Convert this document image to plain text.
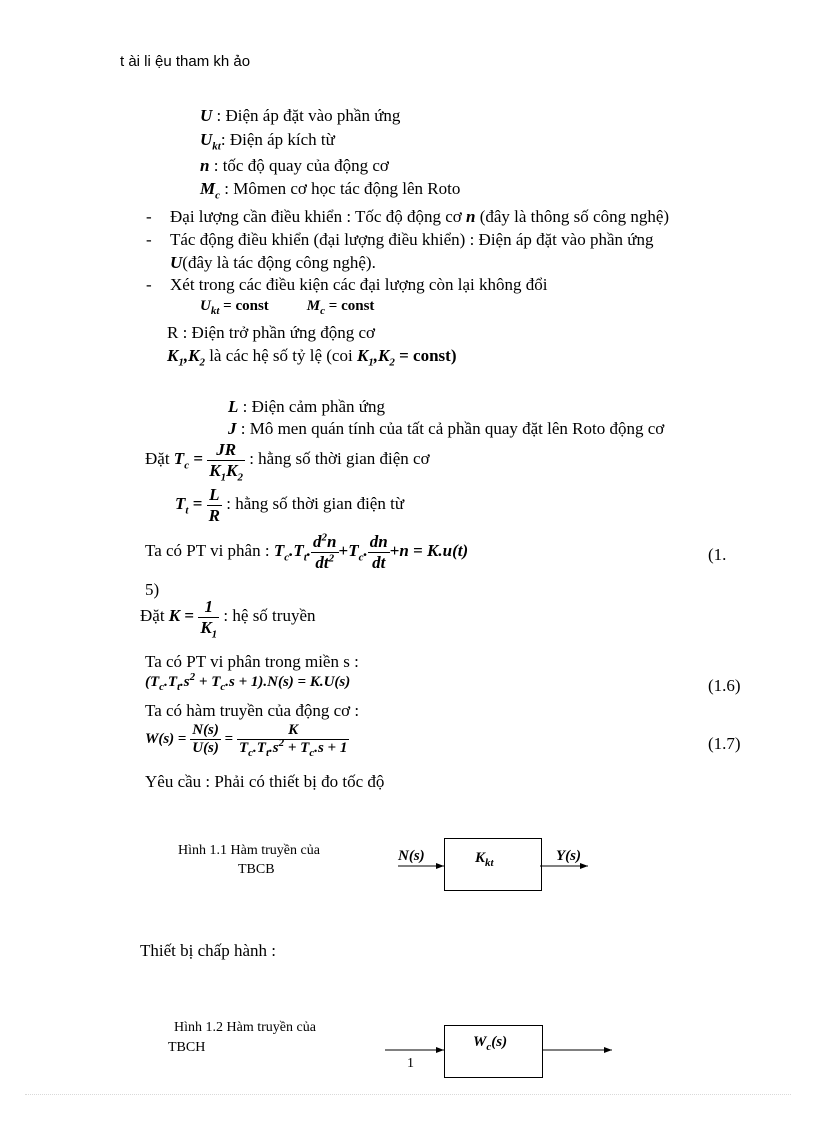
t ài li ệu tham kh ảo
U : Điện áp đặt vào phần ứng
$U_{kt}$: Điện áp kích từ
n : tốc độ quay của động cơ
$M_c$ : Mômen cơ học tác động lên Roto
- Đại lượng cần điều khiển : Tốc độ động cơ n (đây là thông số công nghệ)
- Tác động điều khiển (đại lượng điều khiển) : Điện áp đặt vào phần ứng
U(đây là tác động công nghệ).
- Xét trong các điều kiện các đại lượng còn lại không đổi
$U_{kt}$ = const	$M_c$ = const
R : Điện trở phần ứng động cơ
$K_1,K_2$ là các hệ số tỷ lệ (coi $K_1,K_2$ = const)
L : Điện cảm phần ứng
J : Mô men quán tính của tất cả phần quay đặt lên Roto động cơ
Đặt $T_c = \frac{JR}{K_1K_2}$ : hằng số thời gian điện cơ
$T_t = \frac{L}{R}$ : hằng số thời gian điện từ
Ta có PT vi phân : $T_c.T_t$. $\frac{d^2n}{dt^2} +T_c$. $\frac{dn}{dt} +n = K.u(t)$	(1.
5)
Đặt $K = \frac{1}{K_1}$ : hệ số truyền
Ta có PT vi phân trong miền s :
$(T_c.T_t.s^2 + T_c.s + 1).N(s) = K.U(s)$	(1.6)
Ta có hàm truyền của động cơ :
$W(s) = \frac{N(s)}{U(s)} = \frac{K}{T_c.T_t.s^2 + T_c.s + 1}$	(1.7)
Yêu cầu : Phải có thiết bị đo tốc độ
Hình 1.1 Hàm truyền của
TBCB
N(s)	Y(s)
$K_{kt}$
Thiết bị chấp hành :
Hình 1.2 Hàm truyền của
TBCH	$W_c(s)$
1
